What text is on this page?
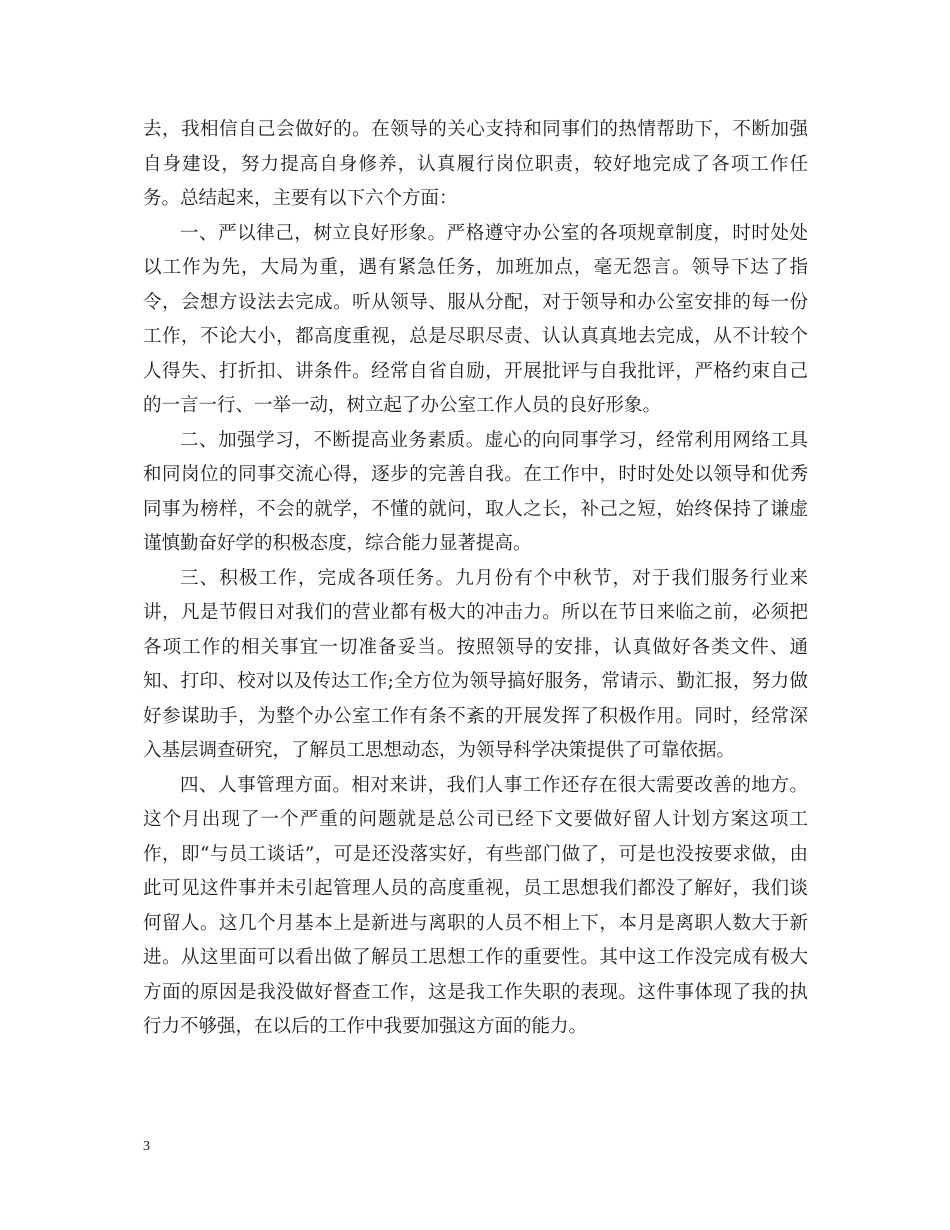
去，我相信自己会做好的。在领导的关心支持和同事们的热情帮助下，不断加强自身建设，努力提高自身修养，认真履行岗位职责，较好地完成了各项工作任务。总结起来，主要有以下六个方面：

一、严以律己，树立良好形象。严格遵守办公室的各项规章制度，时时处处以工作为先，大局为重，遇有紧急任务，加班加点，毫无怨言。领导下达了指令，会想方设法去完成。听从领导、服从分配，对于领导和办公室安排的每一份工作，不论大小，都高度重视，总是尽职尽责、认认真真地去完成，从不计较个人得失、打折扣、讲条件。经常自省自励，开展批评与自我批评，严格约束自己的一言一行、一举一动，树立起了办公室工作人员的良好形象。

二、加强学习，不断提高业务素质。虚心的向同事学习，经常利用网络工具和同岗位的同事交流心得，逐步的完善自我。在工作中，时时处处以领导和优秀同事为榜样，不会的就学，不懂的就问，取人之长，补己之短，始终保持了谦虚谨慎勤奋好学的积极态度，综合能力显著提高。

三、积极工作，完成各项任务。九月份有个中秋节，对于我们服务行业来讲，凡是节假日对我们的营业都有极大的冲击力。所以在节日来临之前，必须把各项工作的相关事宜一切准备妥当。按照领导的安排，认真做好各类文件、通知、打印、校对以及传达工作;全方位为领导搞好服务，常请示、勤汇报，努力做好参谋助手，为整个办公室工作有条不紊的开展发挥了积极作用。同时，经常深入基层调查研究，了解员工思想动态，为领导科学决策提供了可靠依据。

四、人事管理方面。相对来讲，我们人事工作还存在很大需要改善的地方。这个月出现了一个严重的问题就是总公司已经下文要做好留人计划方案这项工作，即“与员工谈话”，可是还没落实好，有些部门做了，可是也没按要求做，由此可见这件事并未引起管理人员的高度重视，员工思想我们都没了解好，我们谈何留人。这几个月基本上是新进与离职的人员不相上下，本月是离职人数大于新进。从这里面可以看出做了解员工思想工作的重要性。其中这工作没完成有极大方面的原因是我没做好督查工作，这是我工作失职的表现。这件事体现了我的执行力不够强，在以后的工作中我要加强这方面的能力。

3
